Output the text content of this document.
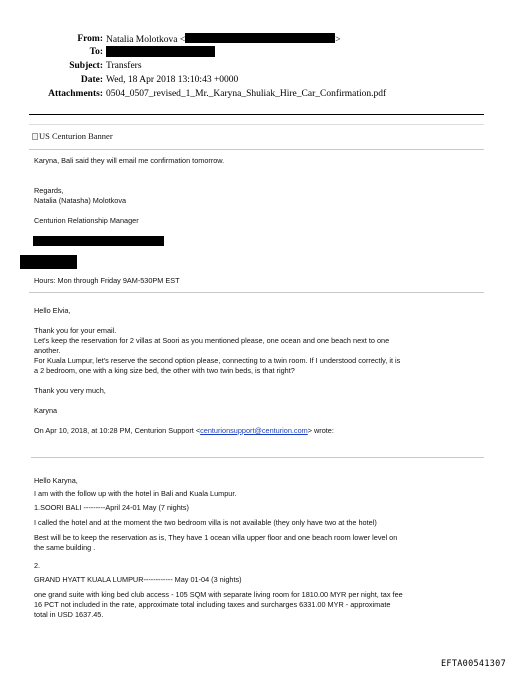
From: Natalia Molotkova <	>
To:
Subject: Transfers
Date: Wed, 18 Apr 2018 13:10:43 +0000
Attachments: 0504_0507_revised_1_Mr._Karyna_Shuliak_Hire_Car_Confirmation.pdf
US Centurion Banner
Karyna, Bali said they will email me confirmation tomorrow.
Regards,
Natalia (Natasha) Molotkova
Centurion Relationship Manager
Hours: Mon through Friday 9AM-530PM EST
Hello Elvia,
Thank you for your email.
Let's keep the reservation for 2 villas at Soori as you mentioned please, one ocean and one beach next to one
another.
For Kuala Lumpur, let's reserve the second option please, connecting to a twin room. If I understood correctly, it is
a 2 bedroom, one with a king size bed, the other with two twin beds, is that right?
Thank you very much,
Karyna
On Apr 10, 2018, at 10:28 PM, Centurion Support <centurionsupport@centurion.com> wrote:
Hello Karyna,
I am with the follow up with the hotel in Bali and Kuala Lumpur.
1.SOORI BALI ---------April 24-01 May (7 nights)
I called the hotel and at the moment the two bedroom villa is not available (they only have two at the hotel)
Best will be to keep the reservation as is, They have 1 ocean villa upper floor and one beach room lower level on
the same building .
2.
GRAND HYATT KUALA LUMPUR------------ May 01-04 (3 nights)
one grand suite with king bed club access - 105 SQM with separate living room for 1810.00 MYR per night, tax fee
16 PCT not included in the rate, approximate total including taxes and surcharges 6331.00 MYR - approximate
total in USD 1637.45.
EFTA00541307
